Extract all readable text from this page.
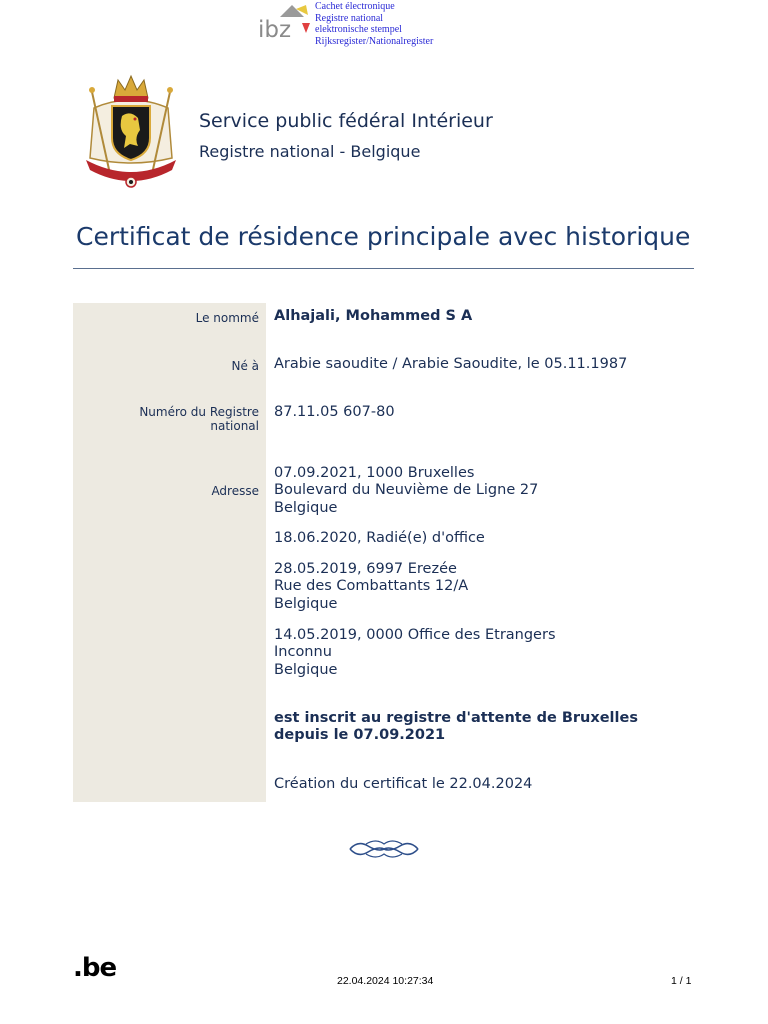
ibz
Cachet électronique
Registre national
elektronische stempel
Rijksregister/Nationalregister
Service public fédéral Intérieur
Registre national - Belgique
Certificat de résidence principale avec historique
Le nommé
Né à
Numéro du Registre
national
Adresse
Alhajali, Mohammed S A
Arabie saoudite / Arabie Saoudite, le 05.11.1987
87.11.05 607-80
07.09.2021, 1000 Bruxelles
Boulevard du Neuvième de Ligne 27
Belgique
18.06.2020, Radié(e) d'office
28.05.2019, 6997 Erezée
Rue des Combattants 12/A
Belgique
14.05.2019, 0000 Office des Etrangers
Inconnu
Belgique
est inscrit au registre d'attente de Bruxelles
depuis le 07.09.2021
Création du certificat le 22.04.2024
.be	22.04.2024 10:27:34	1 / 1
